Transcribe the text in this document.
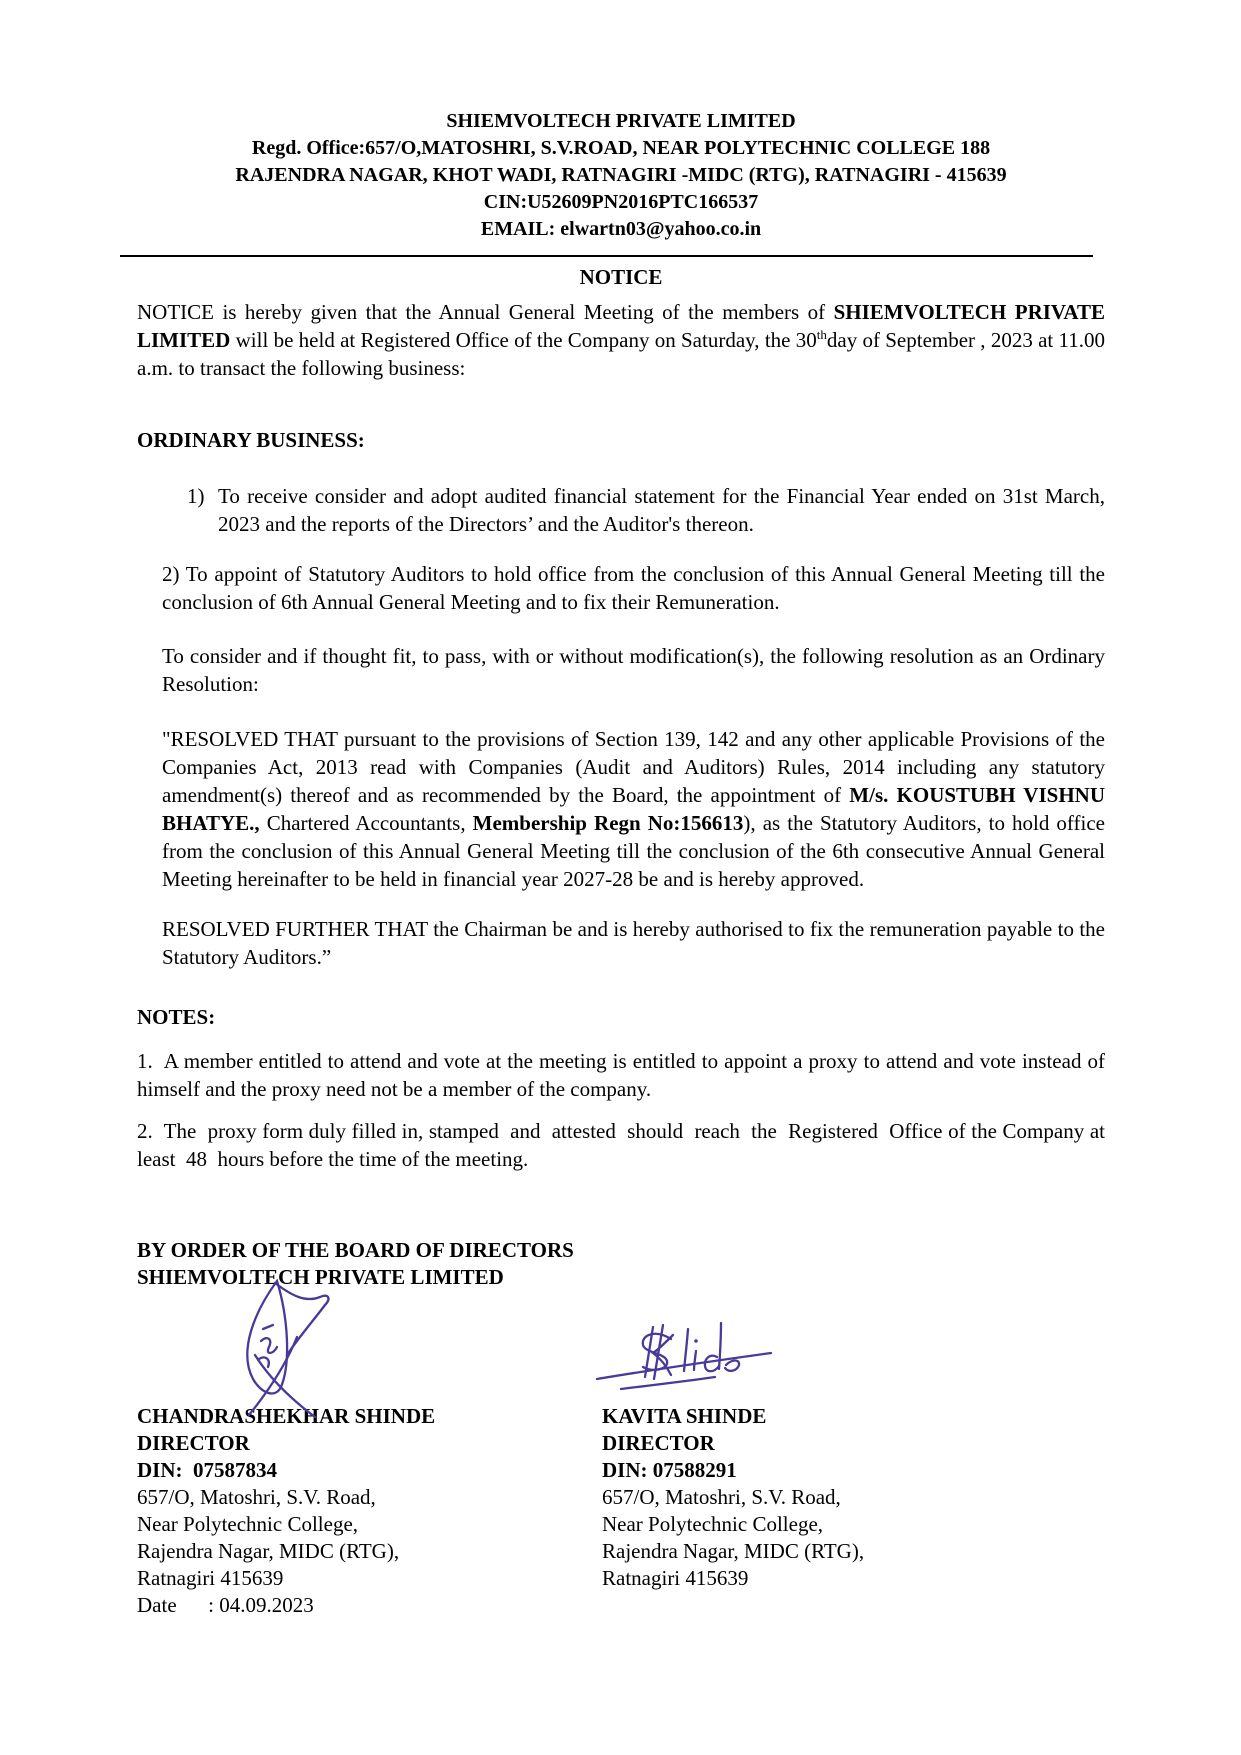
SHIEMVOLTECH PRIVATE LIMITED
Regd. Office:657/O,MATOSHRI, S.V.ROAD, NEAR POLYTECHNIC COLLEGE 188
RAJENDRA NAGAR, KHOT WADI, RATNAGIRI -MIDC (RTG), RATNAGIRI - 415639
CIN:U52609PN2016PTC166537
EMAIL: elwartn03@yahoo.co.in
NOTICE

NOTICE is hereby given that the Annual General Meeting of the members of SHIEMVOLTECH PRIVATE LIMITED will be held at Registered Office of the Company on Saturday, the 30thday of September , 2023 at 11.00 a.m. to transact the following business:

ORDINARY BUSINESS:
1) To receive consider and adopt audited financial statement for the Financial Year ended on 31st March, 2023 and the reports of the Directors’ and the Auditor's thereon.

2) To appoint of Statutory Auditors to hold office from the conclusion of this Annual General Meeting till the conclusion of 6th Annual General Meeting and to fix their Remuneration.

To consider and if thought fit, to pass, with or without modification(s), the following resolution as an Ordinary Resolution:

"RESOLVED THAT pursuant to the provisions of Section 139, 142 and any other applicable Provisions of the Companies Act, 2013 read with Companies (Audit and Auditors) Rules, 2014 including any statutory amendment(s) thereof and as recommended by the Board, the appointment of M/s. KOUSTUBH VISHNU BHATYE., Chartered Accountants, Membership Regn No:156613), as the Statutory Auditors, to hold office from the conclusion of this Annual General Meeting till the conclusion of the 6th consecutive Annual General Meeting hereinafter to be held in financial year 2027-28 be and is hereby approved.

RESOLVED FURTHER THAT the Chairman be and is hereby authorised to fix the remuneration payable to the Statutory Auditors.”

NOTES:

1.  A member entitled to attend and vote at the meeting is entitled to appoint a proxy to attend and vote instead of himself and the proxy need not be a member of the company.

2.  The  proxy form duly filled in, stamped  and  attested  should  reach  the  Registered  Office of the Company at  least  48  hours before the time of the meeting.

BY ORDER OF THE BOARD OF DIRECTORS
SHIEMVOLTECH PRIVATE LIMITED
CHANDRASHEKHAR SHINDE
DIRECTOR
DIN:  07587834
657/O, Matoshri, S.V. Road,
Near Polytechnic College,
Rajendra Nagar, MIDC (RTG),
Ratnagiri 415639
Date      : 04.09.2023
KAVITA SHINDE
DIRECTOR
DIN: 07588291
657/O, Matoshri, S.V. Road,
Near Polytechnic College,
Rajendra Nagar, MIDC (RTG),
Ratnagiri 415639
